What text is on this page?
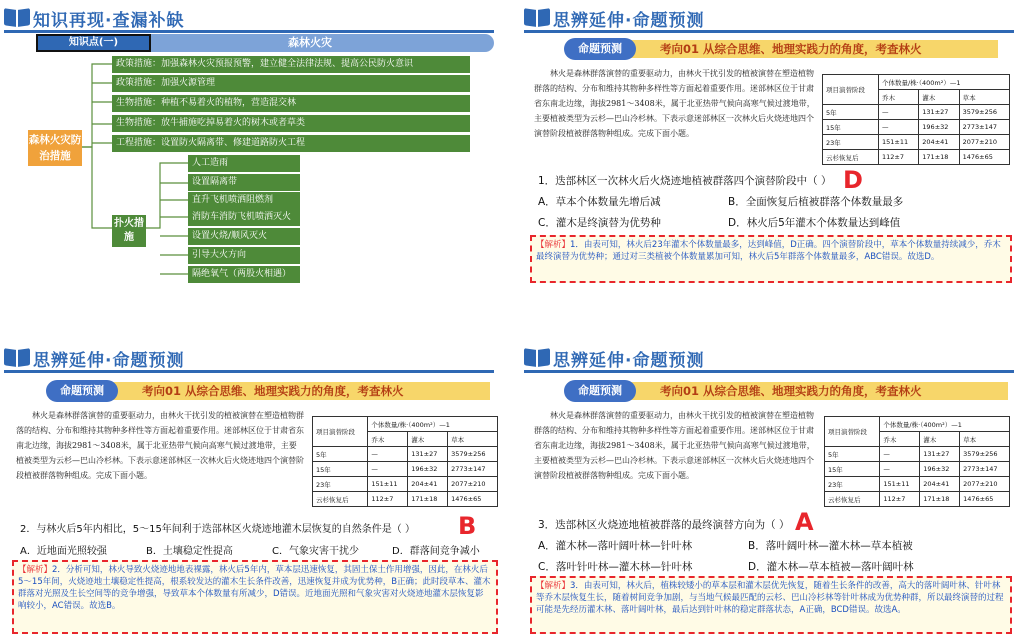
知识再现·查漏补缺
知识点(一)	森林火灾
森林火灾防治措施
政策措施：加强森林火灾预报预警，建立健全法律法规、提高公民防火意识
政策措施：加强火源管理
生物措施：种植不易着火的植物，营造混交林
生物措施：放牛捕施吃掉易着火的树木或者草类
工程措施：设置防火隔离带、修建道路防火工程
扑火措施
人工造雨
设置隔离带
直升飞机喷洒阻燃剂
消防车消防飞机喷洒灭火
设置火烧/顺风灭火
引导大火方向
隔绝氧气（两股火相遇）
思辨延伸·命题预测
命题预测	考向01 从综合思维、地理实践力的角度，考查林火
林火是森林群落演替的重要驱动力，由林火干扰引发的植被演替在塑造植物群落的结构、分布和维持其物种多样性等方面起着重要作用。迷部林区位于甘肃省东南北边缘，海拔2981～3408米，属于北亚热带气候向高寒气候过渡地带，主要植被类型为云杉—巴山冷杉林。下表示意迷部林区一次林火后火烧迹地四个演替阶段植被群落物种组成。完成下面小题。
项目演替阶段	个体数量/株·（400m²）—1		
	乔木	灌木	草本
5年	—	131±27	3579±256
15年	—	196±32	2773±147
23年	151±11	204±41	2077±210
云杉恢复后	112±7	171±18	1476±65
1．迭部林区一次林火后火烧迹地植被群落四个演替阶段中（ ） D
A．草本个体数量先增后减	B．全面恢复后植被群落个体数量最多
C．灌木是终演替为优势种	D．林火后5年灌木个体数量达到峰值
【解析】1．由表可知，林火后23年灌木个体数量最多，达到峰值，D正确。四个演替阶段中，草本个体数量持续减少，乔木最终演替为优势种；通过对三类植被个体数量累加可知，林火后5年群落个体数量最多，ABC错误。故选D。
思辨延伸·命题预测
命题预测	考向01 从综合思维、地理实践力的角度，考查林火
林火是森林群落演替的重要驱动力，由林火干扰引发的植被演替在塑造植物群落的结构、分布和维持其物种多样性等方面起着重要作用。迷部林区位于甘肃省东南北边缘，海拔2981～3408米，属于北亚热带气候向高寒气候过渡地带，主要植被类型为云杉—巴山冷杉林。下表示意迷部林区一次林火后火烧迹地四个演替阶段植被群落物种组成。完成下面小题。
项目演替阶段	个体数量/株·（400m²）—1		
	乔木	灌木	草本
5年	—	131±27	3579±256
15年	—	196±32	2773±147
23年	151±11	204±41	2077±210
云杉恢复后	112±7	171±18	1476±65
2．与林火后5年内相比，5～15年间利于迭部林区火烧迹地灌木层恢复的自然条件是（ ） B
A．近地面光照较强	B．土壤稳定性提高	C．气象灾害干扰少	D．群落间竞争减小
【解析】2．分析可知，林火导致火烧迹地地表裸露，林火后5年内，草本层迅速恢复，其固土保土作用增强，因此，在林火后5～15年间，火烧迹地土壤稳定性提高，根系较发达的灌木生长条件改善，迅速恢复并成为优势种，B正确；此时段草本、灌木群落对光照及生长空间等的竞争增强，导致草本个体数量有所减少，D错误。近地面光照和气象灾害对火烧迹地灌木层恢复影响较小，AC错误。故选B。
思辨延伸·命题预测
命题预测	考向01 从综合思维、地理实践力的角度，考查林火
林火是森林群落演替的重要驱动力，由林火干扰引发的植被演替在塑造植物群落的结构、分布和维持其物种多样性等方面起着重要作用。迷部林区位于甘肃省东南北边缘，海拔2981～3408米，属于北亚热带气候向高寒气候过渡地带，主要植被类型为云杉—巴山冷杉林。下表示意迷部林区一次林火后火烧迹地四个演替阶段植被群落物种组成。完成下面小题。
项目演替阶段	个体数量/株·（400m²）—1		
	乔木	灌木	草本
5年	—	131±27	3579±256
15年	—	196±32	2773±147
23年	151±11	204±41	2077±210
云杉恢复后	112±7	171±18	1476±65
3．迭部林区火烧迹地植被群落的最终演替方向为（ ） A
A．灌木林—落叶阔叶林—针叶林	B．落叶阔叶林—灌木林—草本植被
C．落叶针叶林—灌木林—针叶林	D．灌木林—草本植被—落叶阔叶林
【解析】3．由表可知，林火后，植株较矮小的草本层和灌木层优先恢复，随着生长条件的改善，高大的落叶阔叶林、针叶林等乔木层恢复生长，随着树间竞争加剧，与当地气候最匹配的云杉、巴山冷杉林等针叶林成为优势种群，所以最终演替的过程可能是先经历灌木林、落叶阔叶林，最后达到针叶林的稳定群落状态，A正确，BCD错误。故选A。
